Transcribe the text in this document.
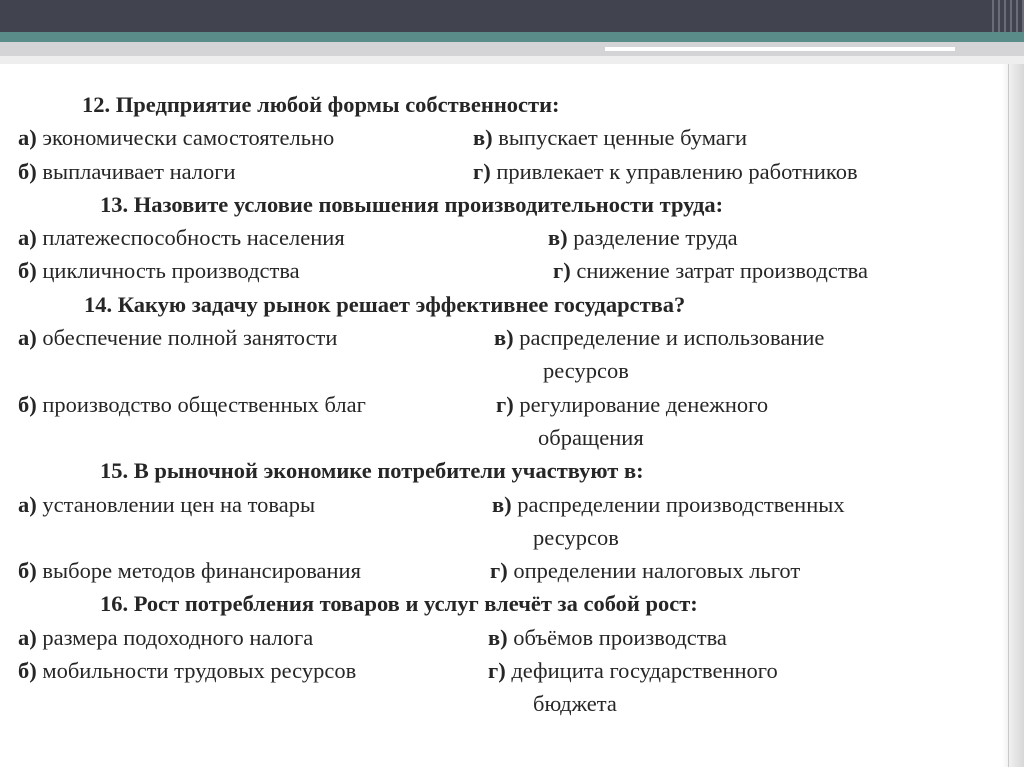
12. Предприятие любой формы собственности:
а) экономически самостоятельно	в) выпускает ценные бумаги
б) выплачивает налоги	г) привлекает к управлению работников
13. Назовите условие повышения производительности труда:
а) платежеспособность населения	в) разделение труда
б) цикличность производства	г) снижение затрат производства
14. Какую задачу рынок решает эффективнее государства?
а) обеспечение полной занятости	в) распределение и использование
ресурсов
б) производство общественных благ	г) регулирование денежного
обращения
15. В рыночной экономике потребители участвуют в:
а) установлении цен на товары	в) распределении производственных
ресурсов
б) выборе методов финансирования	г) определении налоговых льгот
16. Рост потребления товаров и услуг влечёт за собой рост:
а) размера подоходного налога	в) объёмов производства
б) мобильности трудовых ресурсов	г) дефицита государственного
бюджета
